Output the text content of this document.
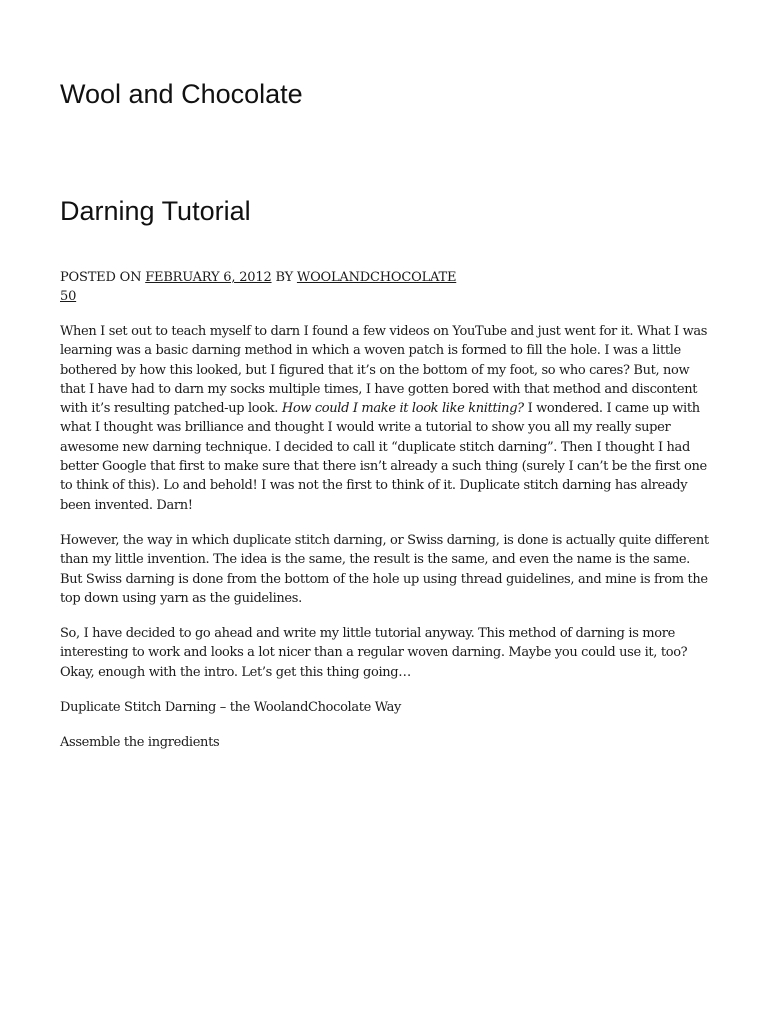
Wool and Chocolate
Darning Tutorial
POSTED ON FEBRUARY 6, 2012 BY WOOLANDCHOCOLATE
50

When I set out to teach myself to darn I found a few videos on YouTube and just went for it. What I was learning was a basic darning method in which a woven patch is formed to fill the hole. I was a little bothered by how this looked, but I figured that it’s on the bottom of my foot, so who cares? But, now that I have had to darn my socks multiple times, I have gotten bored with that method and discontent with it’s resulting patched-up look. How could I make it look like knitting? I wondered. I came up with what I thought was brilliance and thought I would write a tutorial to show you all my really super awesome new darning technique. I decided to call it “duplicate stitch darning”. Then I thought I had better Google that first to make sure that there isn’t already a such thing (surely I can’t be the first one to think of this). Lo and behold! I was not the first to think of it. Duplicate stitch darning has already been invented. Darn!

However, the way in which duplicate stitch darning, or Swiss darning, is done is actually quite different than my little invention. The idea is the same, the result is the same, and even the name is the same. But Swiss darning is done from the bottom of the hole up using thread guidelines, and mine is from the top down using yarn as the guidelines.

So, I have decided to go ahead and write my little tutorial anyway. This method of darning is more interesting to work and looks a lot nicer than a regular woven darning. Maybe you could use it, too? Okay, enough with the intro. Let’s get this thing going…

Duplicate Stitch Darning – the WoolandChocolate Way

Assemble the ingredients
